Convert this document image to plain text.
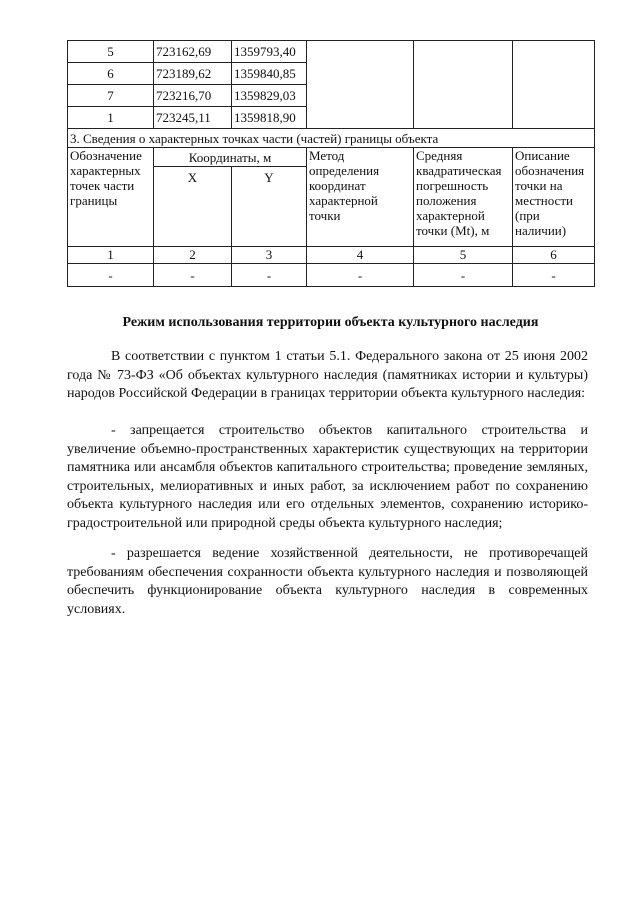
5	723162,69	1359793,40			
6	723189,62	1359840,85			
7	723216,70	1359829,03			
1	723245,11	1359818,90			
3. Сведения о характерных точках части (частей) границы объекта					
Обозначение характерных точек части границы	Координаты, м		Метод определения координат характерной точки	Средняя квадратическая погрешность положения характерной точки (Mt), м	Описание обозначения точки на местности (при наличии)
	X	Y			
1	2	3	4	5	6
-	-	-	-	-	-
Режим использования территории объекта культурного наследия

В соответствии с пунктом 1 статьи 5.1. Федерального закона от 25 июня 2002 года № 73-ФЗ «Об объектах культурного наследия (памятниках истории и культуры) народов Российской Федерации в границах территории объекта культурного наследия:

- запрещается строительство объектов капитального строительства и увеличение объемно-пространственных характеристик существующих на территории памятника или ансамбля объектов капитального строительства; проведение земляных, строительных, мелиоративных и иных работ, за исключением работ по сохранению объекта культурного наследия или его отдельных элементов, сохранению историко-градостроительной или природной среды объекта культурного наследия;

- разрешается ведение хозяйственной деятельности, не противоречащей требованиям обеспечения сохранности объекта культурного наследия и позволяющей обеспечить функционирование объекта культурного наследия в современных условиях.
